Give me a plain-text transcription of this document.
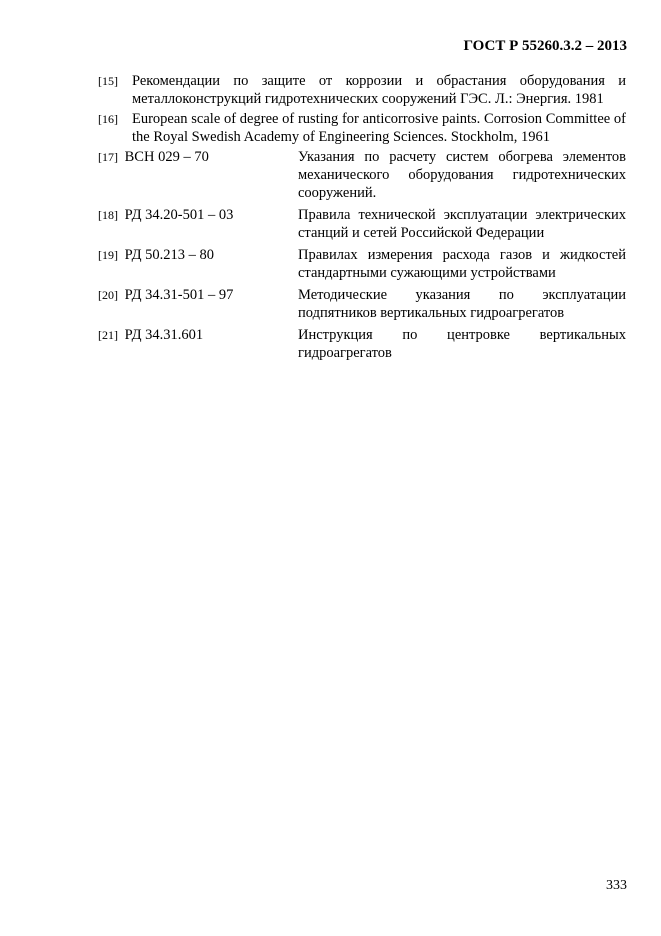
ГОСТ Р 55260.3.2 – 2013
[15] Рекомендации по защите от коррозии и обрастания оборудования и металлоконструкций гидротехнических сооружений ГЭС. Л.: Энергия. 1981
[16] European scale of degree of rusting for anticorrosive paints. Corrosion Committee of the Royal Swedish Academy of Engineering Sciences. Stockholm, 1961
[17] ВСН 029 – 70	Указания по расчету систем обогрева элементов механического оборудования гидротехнических сооружений.
[18] РД 34.20-501 – 03	Правила технической эксплуатации электрических станций и сетей Российской Федерации
[19] РД 50.213 – 80	Правилах измерения расхода газов и жидкостей стандартными сужающими устройствами
[20] РД 34.31-501 – 97	Методические указания по эксплуатации подпятников вертикальных гидроагрегатов
[21] РД 34.31.601	Инструкция по центровке вертикальных гидроагрегатов
333
